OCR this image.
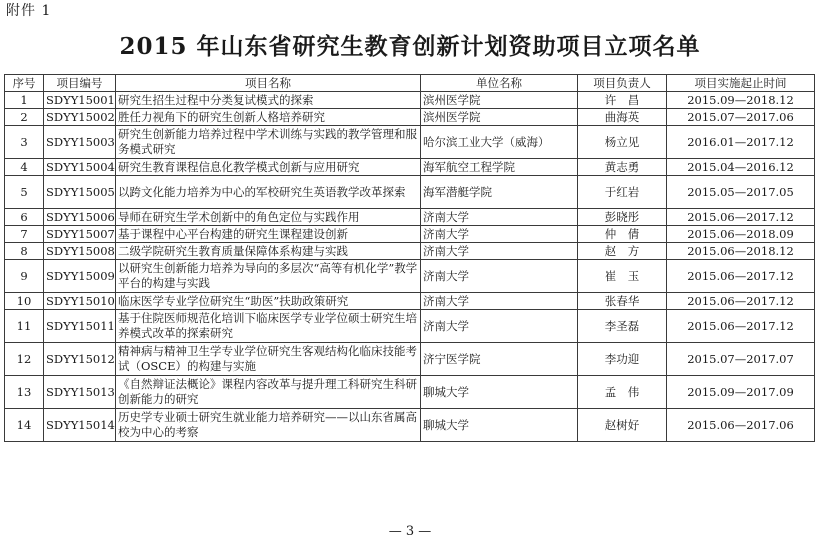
附件 1
2015 年山东省研究生教育创新计划资助项目立项名单
序号	项目编号	项目名称	单位名称	项目负责人	项目实施起止时间
1	SDYY15001	研究生招生过程中分类复试模式的探索	滨州医学院	许　昌	2015.09—2018.12
2	SDYY15002	胜任力视角下的研究生创新人格培养研究	滨州医学院	曲海英	2015.07—2017.06
3	SDYY15003	研究生创新能力培养过程中学术训练与实践的教学管理和服务模式研究	哈尔滨工业大学（威海）	杨立见	2016.01—2017.12
4	SDYY15004	研究生教育课程信息化教学模式创新与应用研究	海军航空工程学院	黄志勇	2015.04—2016.12
5	SDYY15005	以跨文化能力培养为中心的军校研究生英语教学改革探索	海军潜艇学院	于红岩	2015.05—2017.05
6	SDYY15006	导师在研究生学术创新中的角色定位与实践作用	济南大学	彭晓彤	2015.06—2017.12
7	SDYY15007	基于课程中心平台构建的研究生课程建设创新	济南大学	仲　倩	2015.06—2018.09
8	SDYY15008	二级学院研究生教育质量保障体系构建与实践	济南大学	赵　方	2015.06—2018.12
9	SDYY15009	以研究生创新能力培养为导向的多层次“高等有机化学”教学平台的构建与实践	济南大学	崔　玉	2015.06—2017.12
10	SDYY15010	临床医学专业学位研究生“助医”扶助政策研究	济南大学	张春华	2015.06—2017.12
11	SDYY15011	基于住院医师规范化培训下临床医学专业学位硕士研究生培养模式改革的探索研究	济南大学	李圣磊	2015.06—2017.12
12	SDYY15012	精神病与精神卫生学专业学位研究生客观结构化临床技能考试（OSCE）的构建与实施	济宁医学院	李功迎	2015.07—2017.07
13	SDYY15013	《自然辩证法概论》课程内容改革与提升理工科研究生科研创新能力的研究	聊城大学	孟　伟	2015.09—2017.09
14	SDYY15014	历史学专业硕士研究生就业能力培养研究——以山东省属高校为中心的考察	聊城大学	赵树好	2015.06—2017.06
— 3 —
